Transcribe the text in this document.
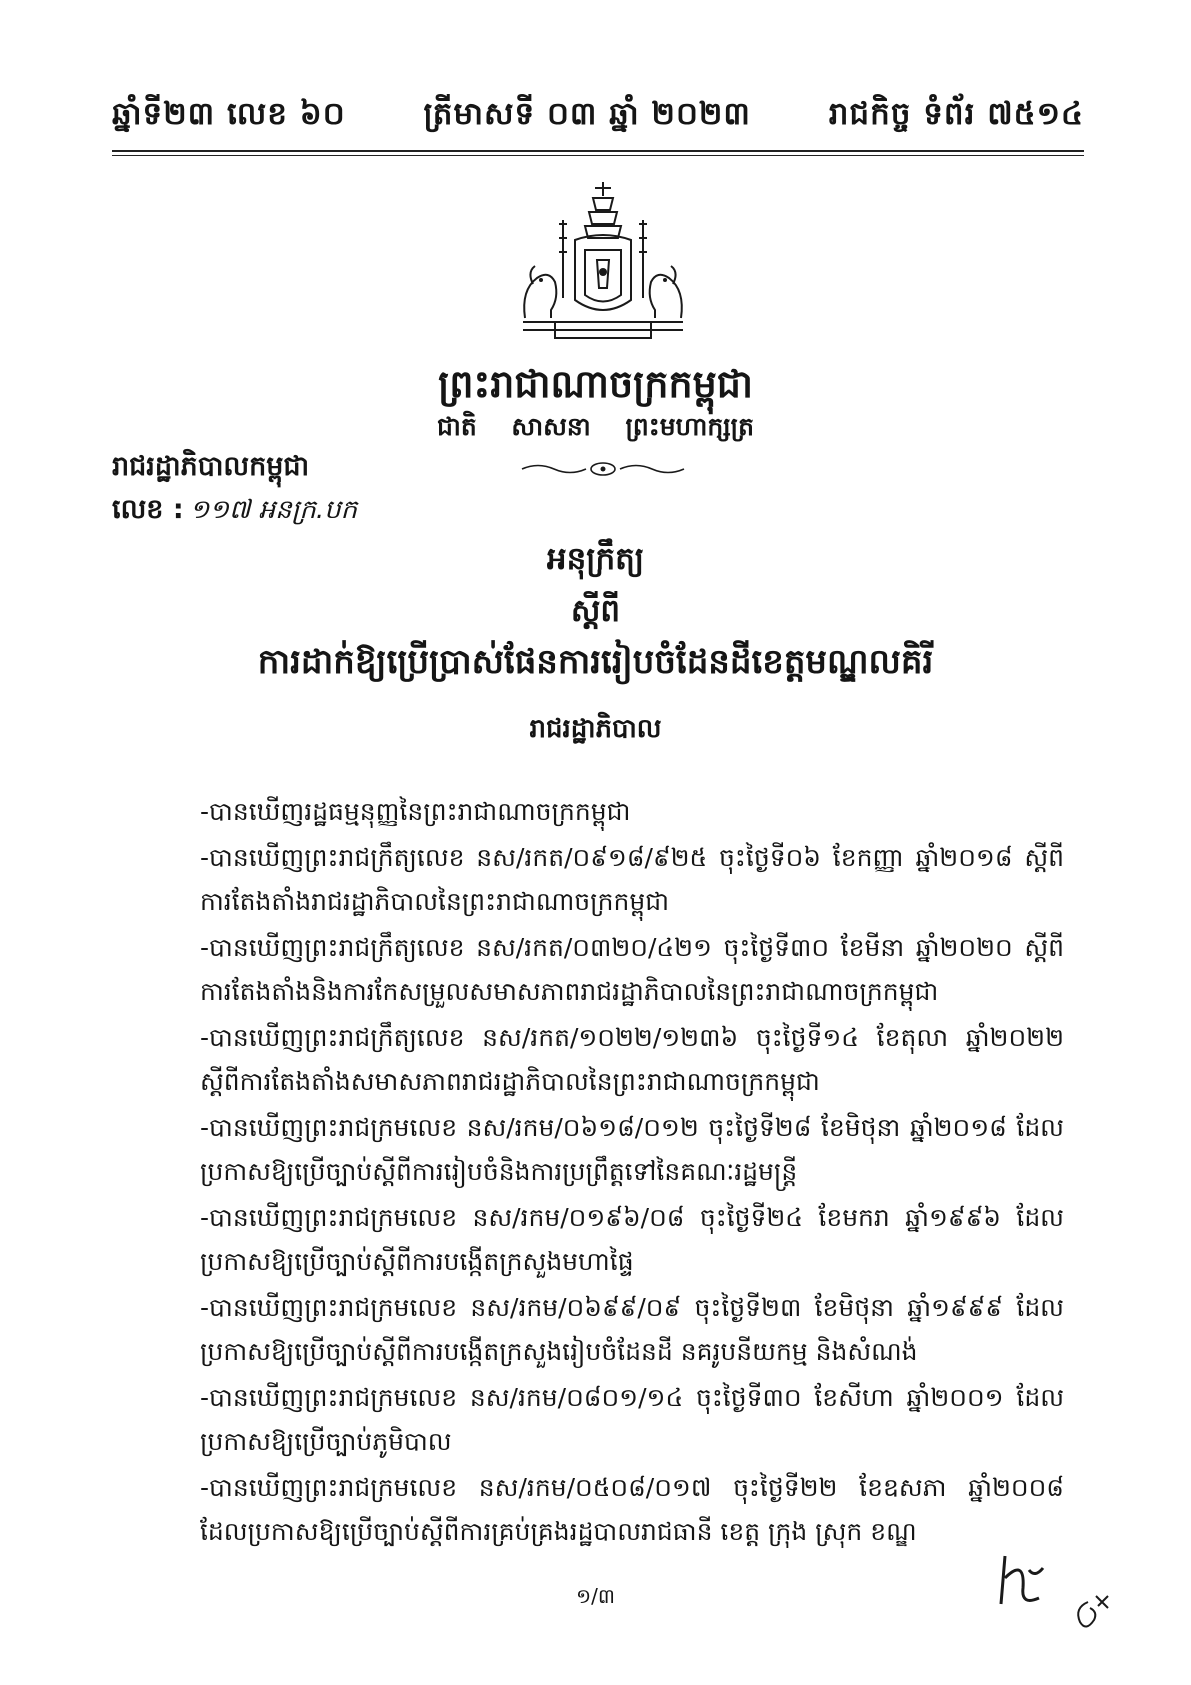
ឆ្នាំទី២៣ លេខ ៦០	ត្រីមាសទី ០៣ ឆ្នាំ ២០២៣	រាជកិច្ច ទំព័រ ៧៥១៤
ព្រះរាជាណាចក្រកម្ពុជា
ជាតិ សាសនា ព្រះមហាក្សត្រ
រាជរដ្ឋាភិបាលកម្ពុជា
លេខ : ១១៧ អនក្រ.បក
អនុក្រឹត្យ
ស្តីពី
ការដាក់ឱ្យប្រើប្រាស់ផែនការរៀបចំដែនដីខេត្តមណ្ឌលគិរី
រាជរដ្ឋាភិបាល
-បានឃើញរដ្ឋធម្មនុញ្ញនៃព្រះរាជាណាចក្រកម្ពុជា
-បានឃើញព្រះរាជក្រឹត្យលេខ នស/រកត/០៩១៨/៩២៥ ចុះថ្ងៃទី០៦ ខែកញ្ញា ឆ្នាំ២០១៨ ស្តីពីការតែងតាំងរាជរដ្ឋាភិបាលនៃព្រះរាជាណាចក្រកម្ពុជា
-បានឃើញព្រះរាជក្រឹត្យលេខ នស/រកត/០៣២០/៤២១ ចុះថ្ងៃទី៣០ ខែមីនា ឆ្នាំ២០២០ ស្តីពីការតែងតាំងនិងការកែសម្រួលសមាសភាពរាជរដ្ឋាភិបាលនៃព្រះរាជាណាចក្រកម្ពុជា
-បានឃើញព្រះរាជក្រឹត្យលេខ នស/រកត/១០២២/១២៣៦ ចុះថ្ងៃទី១៤ ខែតុលា ឆ្នាំ២០២២ ស្តីពីការតែងតាំងសមាសភាពរាជរដ្ឋាភិបាលនៃព្រះរាជាណាចក្រកម្ពុជា
-បានឃើញព្រះរាជក្រមលេខ នស/រកម/០៦១៨/០១២ ចុះថ្ងៃទី២៨ ខែមិថុនា ឆ្នាំ២០១៨ ដែលប្រកាសឱ្យប្រើច្បាប់ស្តីពីការរៀបចំនិងការប្រព្រឹត្តទៅនៃគណៈរដ្ឋមន្ត្រី
-បានឃើញព្រះរាជក្រមលេខ នស/រកម/០១៩៦/០៨ ចុះថ្ងៃទី២៤ ខែមករា ឆ្នាំ១៩៩៦ ដែលប្រកាសឱ្យប្រើច្បាប់ស្តីពីការបង្កើតក្រសួងមហាផ្ទៃ
-បានឃើញព្រះរាជក្រមលេខ នស/រកម/០៦៩៩/០៩ ចុះថ្ងៃទី២៣ ខែមិថុនា ឆ្នាំ១៩៩៩ ដែលប្រកាសឱ្យប្រើច្បាប់ស្តីពីការបង្កើតក្រសួងរៀបចំដែនដី នគរូបនីយកម្ម និងសំណង់
-បានឃើញព្រះរាជក្រមលេខ នស/រកម/០៨០១/១៤ ចុះថ្ងៃទី៣០ ខែសីហា ឆ្នាំ២០០១ ដែលប្រកាសឱ្យប្រើច្បាប់ភូមិបាល
-បានឃើញព្រះរាជក្រមលេខ នស/រកម/០៥០៨/០១៧ ចុះថ្ងៃទី២២ ខែឧសភា ឆ្នាំ២០០៨ ដែលប្រកាសឱ្យប្រើច្បាប់ស្តីពីការគ្រប់គ្រងរដ្ឋបាលរាជធានី ខេត្ត ក្រុង ស្រុក ខណ្ឌ
១/៣
